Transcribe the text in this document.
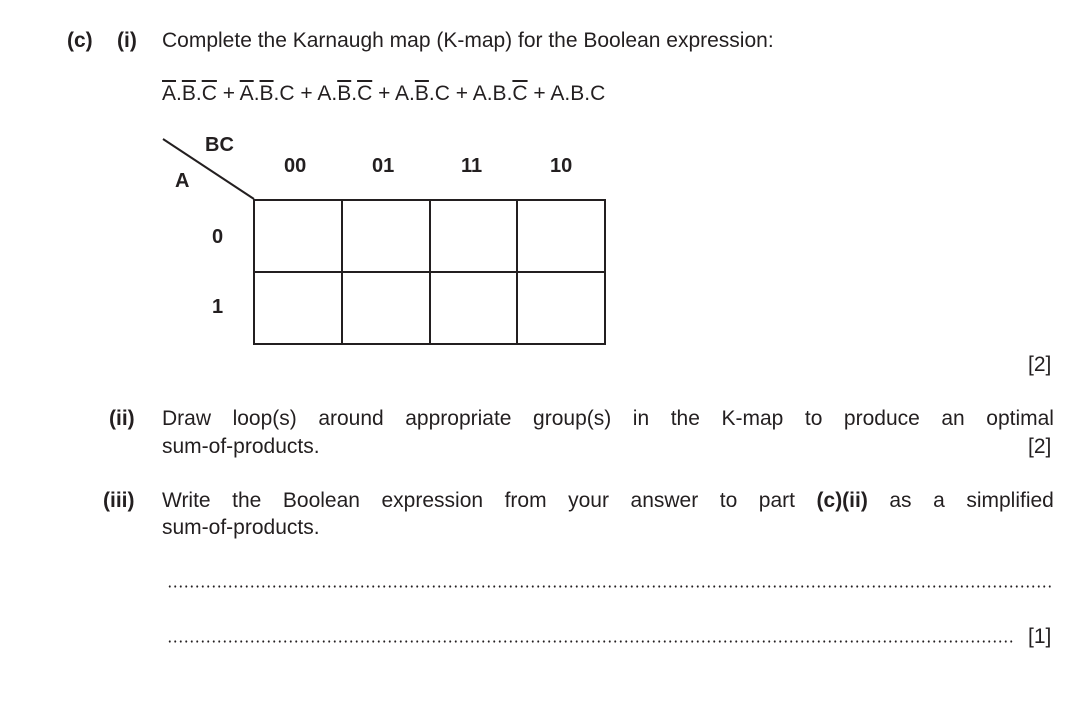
(c) (i) Complete the Karnaugh map (K-map) for the Boolean expression:
$\overline{A}.\overline{B}.\overline{C} + \overline{A}.\overline{B}.C + A.\overline{B}.\overline{C} + A.\overline{B}.C + A.B.\overline{C} + A.B.C$
BC
A
00	01	11	10
0
1

[2]
(ii) Draw loop(s) around appropriate group(s) in the K-map to produce an optimal
sum-of-products.	[2]
(iii) Write the Boolean expression from your answer to part (c)(ii) as a simplified
sum-of-products.
[1]
